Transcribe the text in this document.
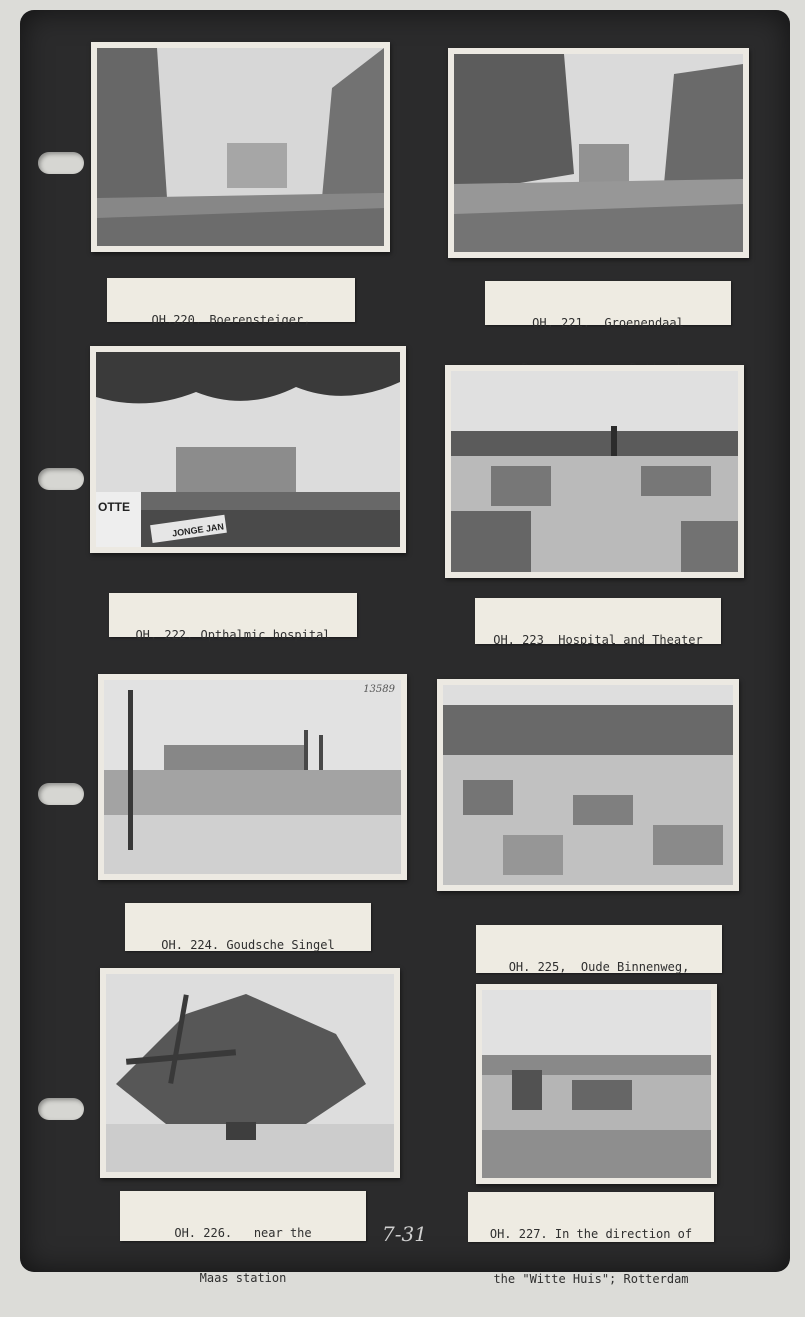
OH.220. Boerensteiger,

	OH. 221.  Groenendaal

OTTE
JONGE JAN

OH. 222. Opthalmic hospital

	OH. 223  Hospital and Theater

13589

OH. 224. Goudsche Singel

OH. 225,  Oude Binnenweg,

OH. 226.   near the

Maas station

OH. 227. In the direction of

the "Witte Huis"; Rotterdam

7-31
